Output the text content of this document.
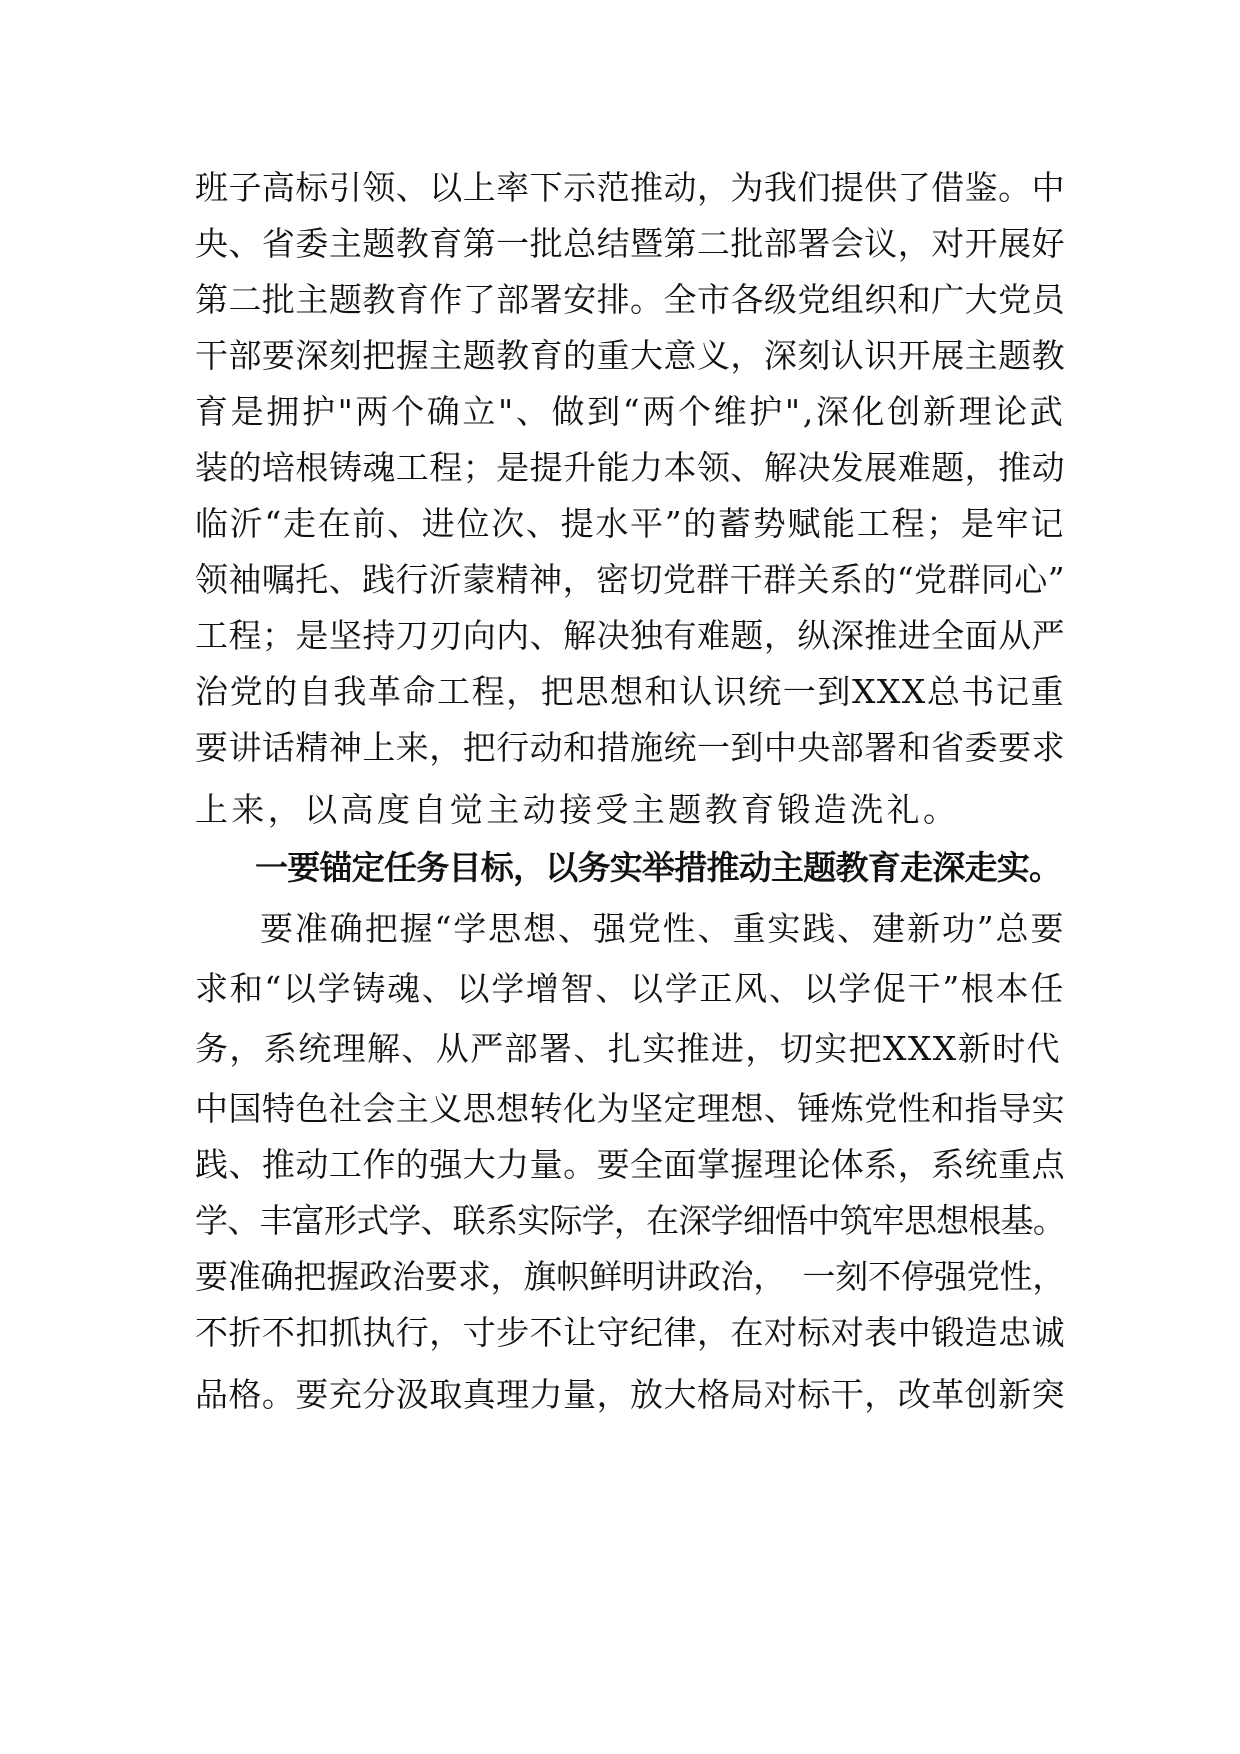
班子高标引领、以上率下示范推动，为我们提供了借鉴。中
央、省委主题教育第一批总结暨第二批部署会议，对开展好
第二批主题教育作了部署安排。全市各级党组织和广大党员
干部要深刻把握主题教育的重大意义，深刻认识开展主题教
育是拥护"两个确立"、做到“两个维护",深化创新理论武
装的培根铸魂工程；是提升能力本领、解决发展难题，推动
临沂“走在前、进位次、提水平”的蓄势赋能工程；是牢记
领袖嘱托、践行沂蒙精神，密切党群干群关系的“党群同心”
工程；是坚持刀刃向内、解决独有难题，纵深推进全面从严
治党的自我革命工程，把思想和认识统一到XXX总书记重
要讲话精神上来，把行动和措施统一到中央部署和省委要求
上来，以高度自觉主动接受主题教育锻造洗礼。
一要锚定任务目标，以务实举措推动主题教育走深走实。
要准确把握“学思想、强党性、重实践、建新功”总要
求和“以学铸魂、以学增智、以学正风、以学促干”根本任
务，系统理解、从严部署、扎实推进，切实把XXX新时代
中国特色社会主义思想转化为坚定理想、锤炼党性和指导实
践、推动工作的强大力量。要全面掌握理论体系，系统重点
学、丰富形式学、联系实际学，在深学细悟中筑牢思想根基。
要准确把握政治要求，旗帜鲜明讲政治，　一刻不停强党性，
不折不扣抓执行，寸步不让守纪律，在对标对表中锻造忠诚
品格。要充分汲取真理力量，放大格局对标干，改革创新突
